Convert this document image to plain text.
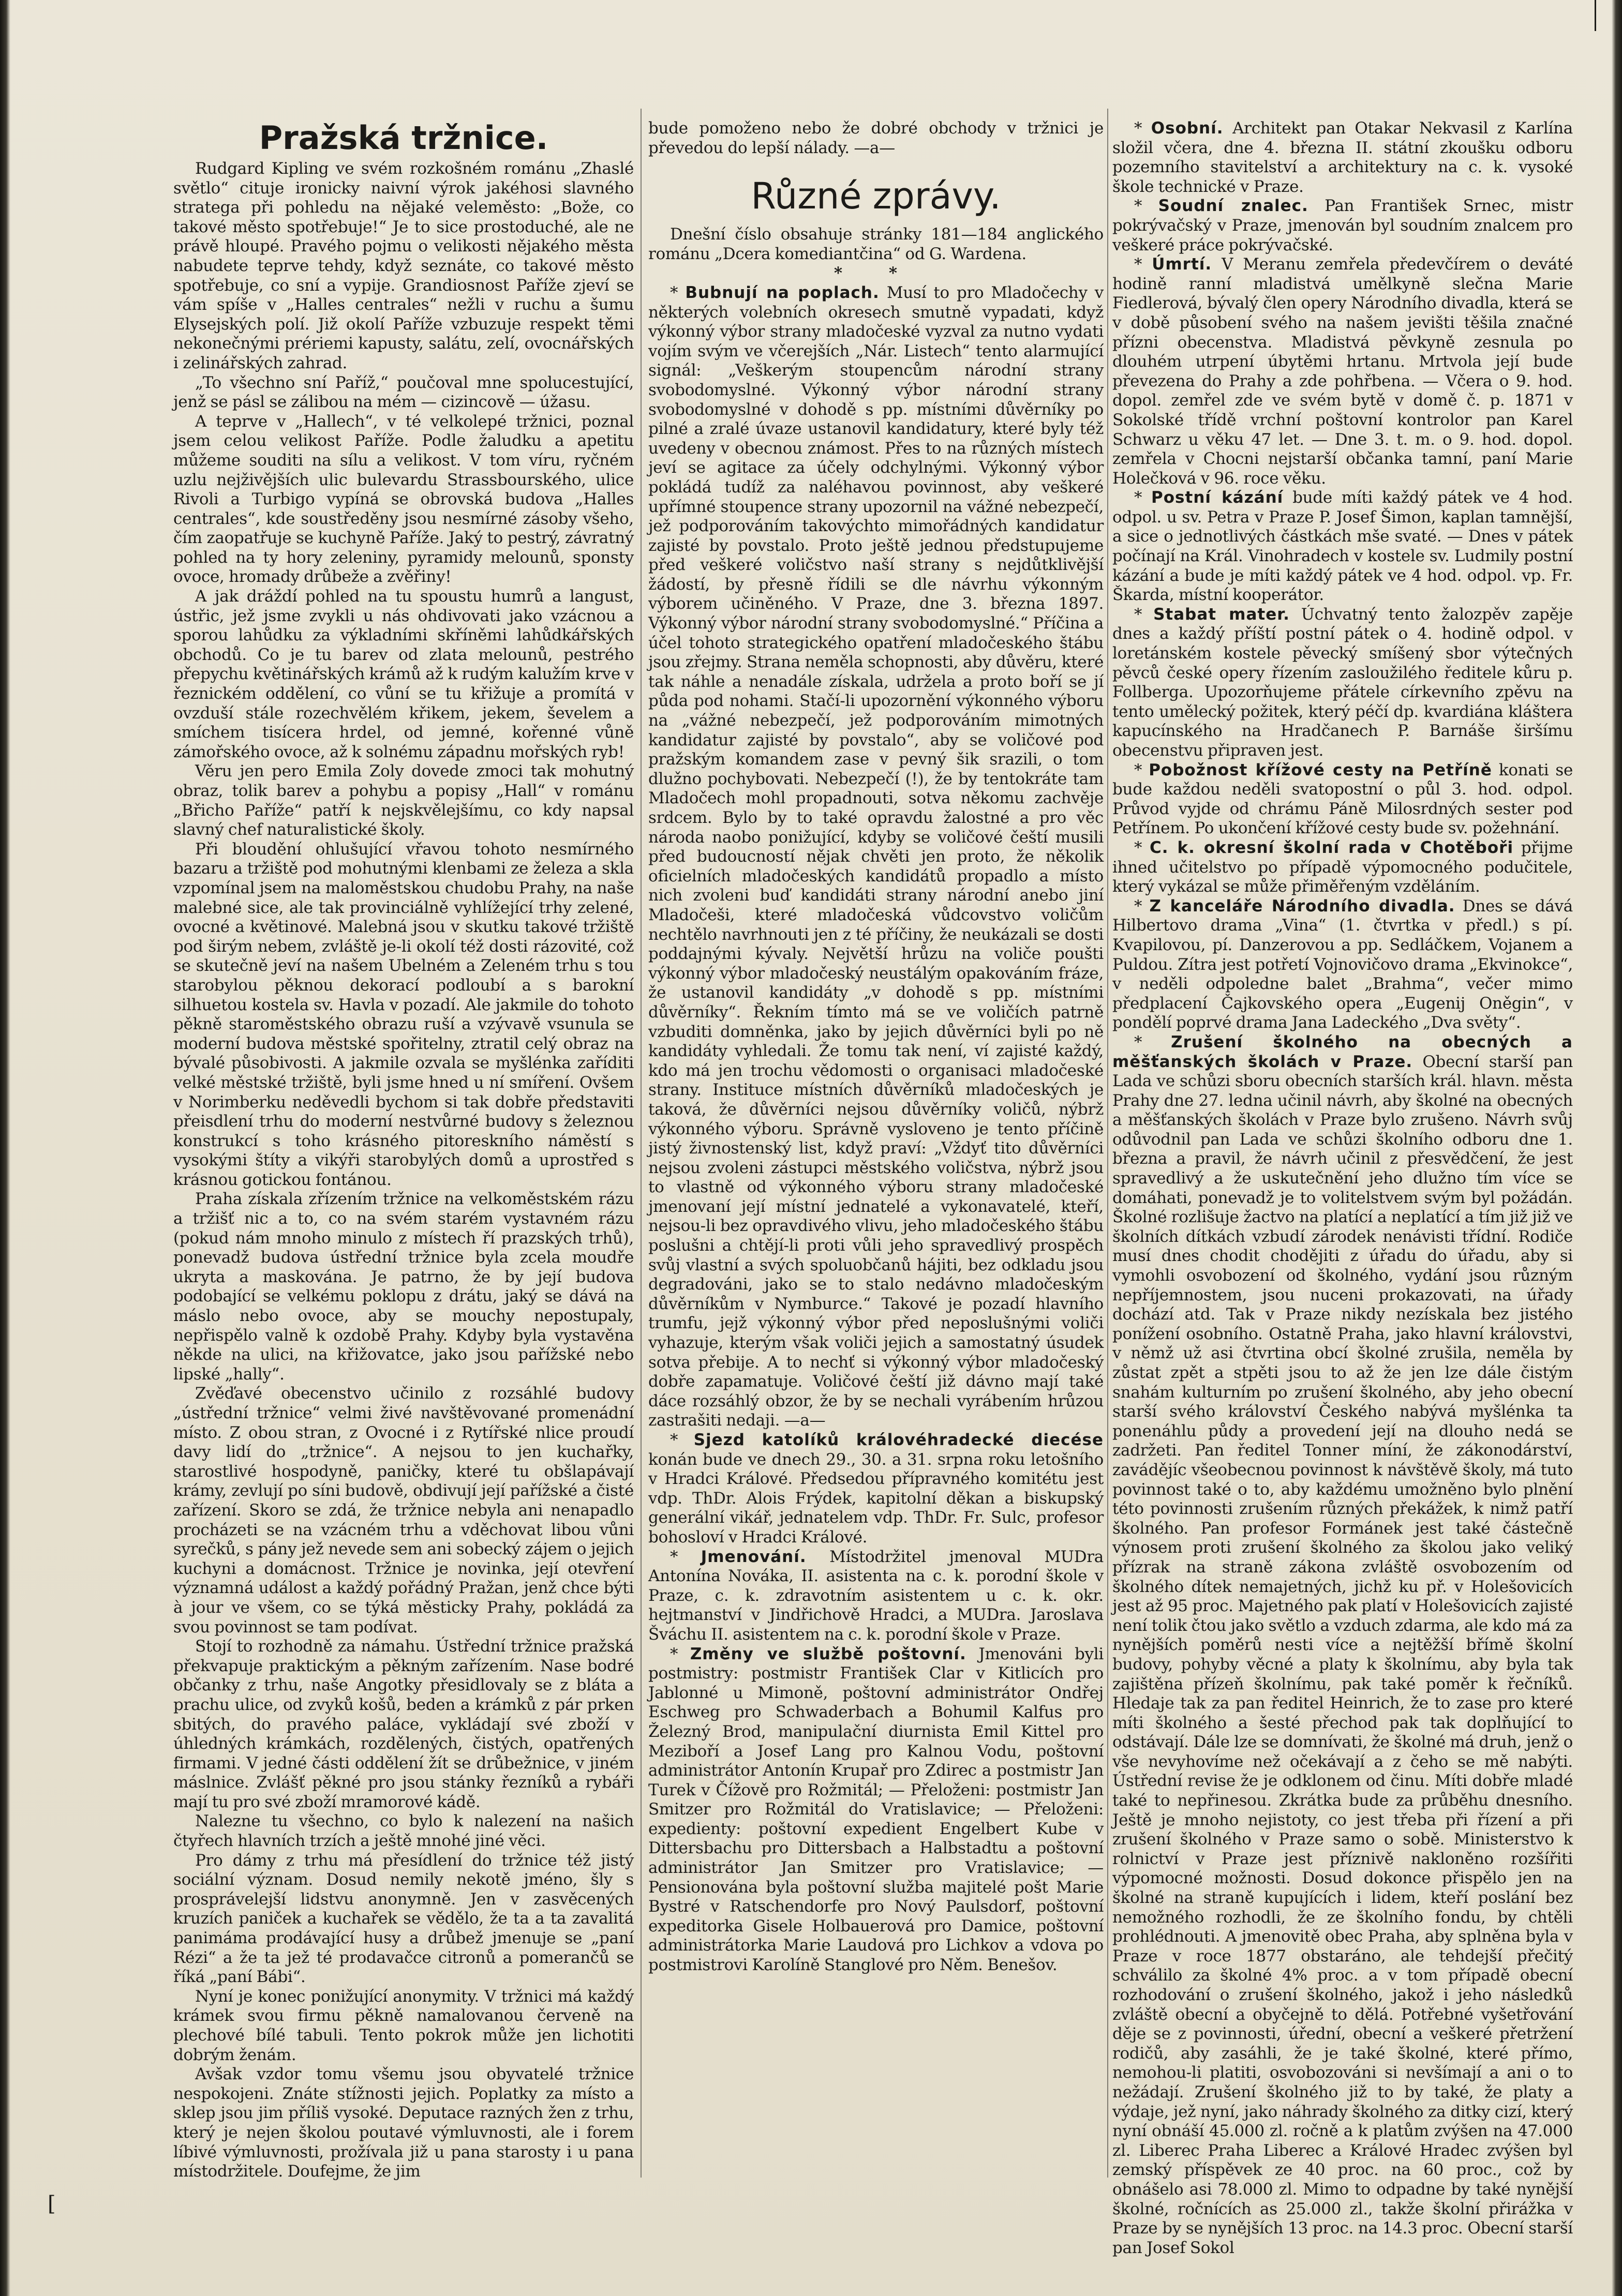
[
Pražská tržnice.

Rudgard Kipling ve svém rozkošném románu „Zhaslé světlo“ cituje ironicky naivní výrok jakéhosi slavného stratega při pohledu na nějaké veleměsto: „Bože, co takové město spotřebuje!“ Je to sice prostoduché, ale ne právě hloupé. Pravého pojmu o velikosti nějakého města nabudete teprve tehdy, když seznáte, co takové město spotřebuje, co sní a vypije. Grandiosnost Paříže zjeví se vám spíše v „Halles centrales“ nežli v ruchu a šumu Elysejských polí. Již okolí Paříže vzbuzuje respekt těmi nekonečnými prériemi kapusty, salátu, zelí, ovocnářských i zelinářských zahrad.

„To všechno sní Paříž,“ poučoval mne spolucestující, jenž se pásl se zálibou na mém — cizincově — úžasu.

A teprve v „Hallech“, v té velkolepé tržnici, poznal jsem celou velikost Paříže. Podle žaludku a apetitu můžeme souditi na sílu a velikost. V tom víru, ryčném uzlu nejživějších ulic bulevardu Strassbourského, ulice Rivoli a Turbigo vypíná se obrovská budova „Halles centrales“, kde soustředěny jsou nesmírné zásoby všeho, čím zaopatřuje se kuchyně Paříže. Jaký to pestrý, závratný pohled na ty hory zeleniny, pyramidy melounů, sponsty ovoce, hromady drůbeže a zvěřiny!

A jak dráždí pohled na tu spoustu humrů a langust, ústřic, jež jsme zvykli u nás ohdivovati jako vzácnou a sporou lahůdku za výkladními skříněmi lahůdkářských obchodů. Co je tu barev od zlata melounů, pestrého přepychu květinářských krámů až k rudým kalužím krve v řeznickém oddělení, co vůní se tu křižuje a promítá v ovzduší stále rozechvělém křikem, jekem, ševelem a smíchem tisícera hrdel, od jemné, kořenné vůně zámořského ovoce, až k solnému západnu mořských ryb!

Věru jen pero Emila Zoly dovede zmoci tak mohutný obraz, tolik barev a pohybu a popisy „Hall“ v románu „Břicho Paříže“ patří k nejskvělejšímu, co kdy napsal slavný chef naturalistické školy.

Při bloudění ohlušující vřavou tohoto nesmírného bazaru a tržiště pod mohutnými klenbami ze železa a skla vzpomínal jsem na maloměstskou chudobu Prahy, na naše malebné sice, ale tak provinciálně vyhlížející trhy zelené, ovocné a květinové. Malebná jsou v skutku takové tržiště pod širým nebem, zvláště je-li okolí též dosti rázovité, což se skutečně jeví na našem Ubelném a Zeleném trhu s tou starobylou pěknou dekorací podloubí a s barokní silhuetou kostela sv. Havla v pozadí. Ale jakmile do tohoto pěkně staroměstského obrazu ruší a vzývavě vsunula se moderní budova městské spořitelny, ztratil celý obraz na bývalé působivosti. A jakmile ozvala se myšlénka zaříditi velké městské tržiště, byli jsme hned u ní smíření. Ovšem v Norimberku neděvedli bychom si tak dobře představiti přeisdlení trhu do moderní nestvůrné budovy s železnou konstrukcí s toho krásného pitoreskního náměstí s vysokými štíty a vikýři starobylých domů a uprostřed s krásnou gotickou fontánou.

Praha získala zřízením tržnice na velkoměstském rázu a tržišť nic a to, co na svém starém vystavném rázu (pokud nám mnoho minulo z místech ří prazských trhů), ponevadž budova ústřední tržnice byla zcela moudře ukryta a maskována. Je patrno, že by její budova podobající se velkému poklopu z drátu, jaký se dává na máslo nebo ovoce, aby se mouchy nepostupaly, nepřispělo valně k ozdobě Prahy. Kdyby byla vystavěna někde na ulici, na křižovatce, jako jsou pařížské nebo lipské „hally“.

Zvěďavé obecenstvo učinilo z rozsáhlé budovy „ústřední tržnice“ velmi živé navštěvované promenádní místo. Z obou stran, z Ovocné i z Rytířské nlice proudí davy lidí do „tržnice“. A nejsou to jen kuchařky, starostlivé hospodyně, paničky, které tu obšlapávají krámy, zevlují po síni budově, obdivují její pařížské a čisté zařízení. Skoro se zdá, že tržnice nebyla ani nenapadlo procházeti se na vzácném trhu a vděchovat libou vůni syrečků, s pány jež nevede sem ani sobecký zájem o jejich kuchyni a domácnost. Tržnice je novinka, její otevření významná událost a každý pořádný Pražan, jenž chce býti à jour ve všem, co se týká městicky Prahy, pokládá za svou povinnost se tam podívat.

Stojí to rozhodně za námahu. Ústřední tržnice pražská překvapuje praktickým a pěkným zařízením. Nase bodré občanky z trhu, naše Angotky přesidlovaly se z bláta a prachu ulice, od zvyků košů, beden a krámků z pár prken sbitých, do pravého paláce, vykládají své zboží v úhledných krámkách, rozdělených, čistých, opatřených firmami. V jedné části oddělení žít se drůbežnice, v jiném máslnice. Zvlášť pěkné pro jsou stánky řezníků a rybáři mají tu pro své zboží mramorové kádě.

Nalezne tu všechno, co bylo k nalezení na našich čtyřech hlavních trzích a ještě mnohé jiné věci.

Pro dámy z trhu má přesídlení do tržnice též jistý sociální význam. Dosud nemily nekotě jméno, šly s prosprávelejší lidstvu anonymně. Jen v zasvěcených kruzích paniček a kuchařek se vědělo, že ta a ta zavalitá panimáma prodávající husy a drůbež jmenuje se „paní Rézi“ a že ta jež té prodavačce citronů a pomerančů se říká „paní Bábi“.

Nyní je konec ponižující anonymity. V tržnici má každý krámek svou firmu pěkně namalovanou červeně na plechové bílé tabuli. Tento pokrok může jen lichotiti dobrým ženám.

Avšak vzdor tomu všemu jsou obyvatelé tržnice nespokojeni. Znáte stížnosti jejich. Poplatky za místo a sklep jsou jim příliš vysoké. Deputace razných žen z trhu, který je nejen školou poutavé výmluvnosti, ale i forem líbivé výmluvnosti, prožívala již u pana starosty i u pana místodržitele. Doufejme, že jim

bude pomoženo nebo že dobré obchody v tržnici je převedou do lepší nálady. —a—

Různé zprávy.

Dnešní číslo obsahuje stránky 181—184 anglického románu „Dcera komediantčina“ od G. Wardena.

* *

* Bubnují na poplach. Musí to pro Mladočechy v některých volebních okresech smutně vypadati, když výkonný výbor strany mladočeské vyzval za nutno vydati vojím svým ve včerejších „Nár. Listech“ tento alarmující signál: „Veškerým stoupencům národní strany svobodomyslné. Výkonný výbor národní strany svobodomyslné v dohodě s pp. místními důvěrníky po pilné a zralé úvaze ustanovil kandidatury, které byly též uvedeny v obecnou známost. Přes to na různých místech jeví se agitace za účely odchylnými. Výkonný výbor pokládá tudíž za naléhavou povinnost, aby veškeré upřímné stoupence strany upozornil na vážné nebezpečí, jež podporováním takovýchto mimořádných kandidatur zajisté by povstalo. Proto ještě jednou předstupujeme před veškeré voličstvo naší strany s nejdůtklivější žádostí, by přesně řídili se dle návrhu výkonným výborem učiněného. V Praze, dne 3. března 1897. Výkonný výbor národní strany svobodomyslné.“ Příčina a účel tohoto strategického opatření mladočeského štábu jsou zřejmy. Strana neměla schopnosti, aby důvěru, které tak náhle a nenadále získala, udržela a proto boří se jí půda pod nohami. Stačí-li upozornění výkonného výboru na „vážné nebezpečí, jež podporováním mimotných kandidatur zajisté by povstalo“, aby se voličové pod pražským komandem zase v pevný šik srazili, o tom dlužno pochybovati. Nebezpečí (!), že by tentokráte tam Mladočech mohl propadnouti, sotva někomu zachvěje srdcem. Bylo by to také opravdu žalostné a pro věc národa naobo ponižující, kdyby se voličové čeští musili před budoucností nějak chvěti jen proto, že několik oficielních mladočeských kandidátů propadlo a místo nich zvoleni buď kandidáti strany národní anebo jiní Mladočeši, které mladočeská vůdcovstvo voličům nechtělo navrhnouti jen z té příčiny, že neukázali se dosti poddajnými kývaly. Největší hrůzu na voliče poušti výkonný výbor mladočeský neustálým opakováním fráze, že ustanovil kandidáty „v dohodě s pp. místními důvěrníky“. Řekním tímto má se ve voličích patrně vzbuditi domněnka, jako by jejich důvěrníci byli po ně kandidáty vyhledali. Že tomu tak není, ví zajisté každý, kdo má jen trochu vědomosti o organisaci mladočeské strany. Instituce místních důvěrníků mladočeských je taková, že důvěrníci nejsou důvěrníky voličů, nýbrž výkonného výboru. Správně vysloveno je tento příčině jistý živnostenský list, když praví: „Vždyť tito důvěrníci nejsou zvoleni zástupci městského voličstva, nýbrž jsou to vlastně od výkonného výboru strany mladočeské jmenovaní její místní jednatelé a vykonavatelé, kteří, nejsou-li bez opravdivého vlivu, jeho mladočeského štábu poslušni a chtějí-li proti vůli jeho spravedlivý prospěch svůj vlastní a svých spoluobčanů hájiti, bez odkladu jsou degradováni, jako se to stalo nedávno mladočeským důvěrníkům v Nymburce.“ Takové je pozadí hlavního trumfu, jejž výkonný výbor před neposlušnými voliči vyhazuje, kterým však voliči jejich a samostatný úsudek sotva přebije. A to nechť si výkonný výbor mladočeský dobře zapamatuje. Voličové čeští již dávno mají také dáce rozsáhlý obzor, že by se nechali vyrábením hrůzou zastrašiti nedaji. —a—

* Sjezd katolíků královéhradecké diecése konán bude ve dnech 29., 30. a 31. srpna roku letošního v Hradci Králové. Předsedou přípravného komitétu jest vdp. ThDr. Alois Frýdek, kapitolní děkan a biskupský generální vikář, jednatelem vdp. ThDr. Fr. Sulc, profesor bohosloví v Hradci Králové.

* Jmenování. Místodržitel jmenoval MUDra Antonína Nováka, II. asistenta na c. k. porodní škole v Praze, c. k. zdravotním asistentem u c. k. okr. hejtmanství v Jindřichově Hradci, a MUDra. Jaroslava Šváchu II. asistentem na c. k. porodní škole v Praze.

* Změny ve službě poštovní. Jmenováni byli postmistry: postmistr František Clar v Kitlicích pro Jablonné u Mimoně, poštovní administrátor Ondřej Eschweg pro Schwaderbach a Bohumil Kalfus pro Železný Brod, manipulační diurnista Emil Kittel pro Meziboří a Josef Lang pro Kalnou Vodu, poštovní administrátor Antonín Krupař pro Zdirec a postmistr Jan Turek v Čížově pro Rožmitál; — Přeloženi: postmistr Jan Smitzer pro Rožmitál do Vratislavice; — Přeloženi: expedienty: poštovní expedient Engelbert Kube v Dittersbachu pro Dittersbach a Halbstadtu a poštovní administrátor Jan Smitzer pro Vratislavice; — Pensionována byla poštovní služba majitelé pošt Marie Bystré v Ratschendorfe pro Nový Paulsdorf, poštovní expeditorka Gisele Holbauerová pro Damice, poštovní administrátorka Marie Laudová pro Lichkov a vdova po postmistrovi Karolíně Stanglové pro Něm. Benešov.

* Osobní. Architekt pan Otakar Nekvasil z Karlína složil včera, dne 4. března II. státní zkoušku odboru pozemního stavitelství a architektury na c. k. vysoké škole technické v Praze.

* Soudní znalec. Pan František Srnec, mistr pokrývačský v Praze, jmenován byl soudním znalcem pro veškeré práce pokrývačské.

* Úmrtí. V Meranu zemřela předevčírem o deváté hodině ranní mladistvá umělkyně slečna Marie Fiedlerová, bývalý člen opery Národního divadla, která se v době působení svého na našem jevišti těšila značné přízni obecenstva. Mladistvá pěvkyně zesnula po dlouhém utrpení úbytěmi hrtanu. Mrtvola její bude převezena do Prahy a zde pohřbena. — Včera o 9. hod. dopol. zemřel zde ve svém bytě v domě č. p. 1871 v Sokolské třídě vrchní poštovní kontrolor pan Karel Schwarz u věku 47 let. — Dne 3. t. m. o 9. hod. dopol. zemřela v Chocni nejstarší občanka tamní, paní Marie Holečková v 96. roce věku.

* Postní kázání bude míti každý pátek ve 4 hod. odpol. u sv. Petra v Praze P. Josef Šimon, kaplan tamnější, a sice o jednotlivých částkách mše svaté. — Dnes v pátek počínají na Král. Vinohradech v kostele sv. Ludmily postní kázání a bude je míti každý pátek ve 4 hod. odpol. vp. Fr. Škarda, místní kooperátor.

* Stabat mater. Úchvatný tento žalozpěv zapěje dnes a každý příští postní pátek o 4. hodině odpol. v loretánském kostele pěvecký smíšený sbor výtečných pěvců české opery řízením zasloužilého ředitele kůru p. Follberga. Upozorňujeme přátele církevního zpěvu na tento umělecký požitek, který péčí dp. kvardiána kláštera kapucínského na Hradčanech P. Barnáše širšímu obecenstvu připraven jest.

* Pobožnost křížové cesty na Petříně konati se bude každou neděli svatopostní o půl 3. hod. odpol. Průvod vyjde od chrámu Páně Milosrdných sester pod Petřínem. Po ukončení křížové cesty bude sv. požehnání.

* C. k. okresní školní rada v Chotěboři přijme ihned učitelstvo po případě výpomocného podučitele, který vykázal se může přiměřeným vzděláním.

* Z kanceláře Národního divadla. Dnes se dává Hilbertovo drama „Vina“ (1. čtvrtka v předl.) s pí. Kvapilovou, pí. Danzerovou a pp. Sedláčkem, Vojanem a Puldou. Zítra jest potřetí Vojnovičovo drama „Ekvinokce“, v neděli odpoledne balet „Brahma“, večer mimo předplacení Čajkovského opera „Eugenij Oněgin“, v pondělí poprvé drama Jana Ladeckého „Dva světy“.

* Zrušení školného na obecných a měšťanských školách v Praze. Obecní starší pan Lada ve schůzi sboru obecních starších král. hlavn. města Prahy dne 27. ledna učinil návrh, aby školné na obecných a měšťanských školách v Praze bylo zrušeno. Návrh svůj odůvodnil pan Lada ve schůzi školního odboru dne 1. března a pravil, že návrh učinil z přesvědčení, že jest spravedlivý a že uskutečnění jeho dlužno tím více se domáhati, ponevadž je to volitelstvem svým byl požádán. Školné rozlišuje žactvo na platící a neplatící a tím již již ve školních dítkách vzbudí zárodek nenávisti třídní. Rodiče musí dnes chodit chodějiti z úřadu do úřadu, aby si vymohli osvobození od školného, vydání jsou různým nepříjemnostem, jsou nuceni prokazovati, na úřady dochází atd. Tak v Praze nikdy nezískala bez jistého ponížení osobního. Ostatně Praha, jako hlavní královstvi, v němž už asi čtvrtina obcí školné zrušila, neměla by zůstat zpět a stpěti jsou to až že jen lze dále čistým snahám kulturním po zrušení školného, aby jeho obecní starší svého království Českého nabývá myšlénka ta ponenáhlu půdy a provedení její na dlouho nedá se zadržeti. Pan ředitel Tonner míní, že zákonodárství, zavádějíc všeobecnou povinnost k návštěvě školy, má tuto povinnost také o to, aby každému umožněno bylo plnění této povinnosti zrušením různých překážek, k nimž patří školného. Pan profesor Formánek jest také částečně výnosem proti zrušení školného za školou jako veliký přízrak na straně zákona zvláště osvobozením od školného dítek nemajetných, jichž ku př. v Holešovicích jest až 95 proc. Majetného pak platí v Holešovicích zajisté není tolik čtou jako světlo a vzduch zdarma, ale kdo má za nynějších poměrů nesti více a nejtěžší břímě školní budovy, pohyby věcné a platy k školnímu, aby byla tak zajištěna přízeň školnímu, pak také poměr k řečníků. Hledaje tak za pan ředitel Heinrich, že to zase pro které míti školného a šesté přechod pak tak doplňující to odstávají. Dále lze se domnívati, že školné má druh, jenž o vše nevyhovíme než očekávají a z čeho se mě nabýti. Ústřední revise že je odklonem od činu. Míti dobře mladé také to nepřinesou. Zkrátka bude za průběhu dnesního. Ještě je mnoho nejistoty, co jest třeba při řízení a při zrušení školného v Praze samo o sobě. Ministerstvo k rolnictví v Praze jest příznivě nakloněno rozšířiti výpomocné možnosti. Dosud dokonce přispělo jen na školné na straně kupujících i lidem, kteří poslání bez nemožného rozhodli, že ze školního fondu, by chtěli prohlédnouti. A jmenovitě obec Praha, aby splněna byla v Praze v roce 1877 obstaráno, ale tehdejší přečitý schválilo za školné 4% proc. a v tom případě obecní rozhodování o zrušení školného, jakož i jeho následků zvláště obecní a obyčejně to dělá. Potřebné vyšetřování děje se z povinnosti, úřední, obecní a veškeré přetržení rodičů, aby zasáhli, že je také školné, které přímo, nemohou-li platiti, osvobozováni si nevšímají a ani o to nežádají. Zrušení školného již to by také, že platy a výdaje, jež nyní, jako náhrady školného za ditky cizí, který nyní obnáší 45.000 zl. ročně a k platům zvýšen na 47.000 zl. Liberec Praha Liberec a Králové Hradec zvýšen byl zemský příspěvek ze 40 proc. na 60 proc., což by obnášelo asi 78.000 zl. Mimo to odpadne by také nynější školné, ročnících as 25.000 zl., takže školní přirážka v Praze by se nynějších 13 proc. na 14.3 proc. Obecní starší pan Josef Sokol
